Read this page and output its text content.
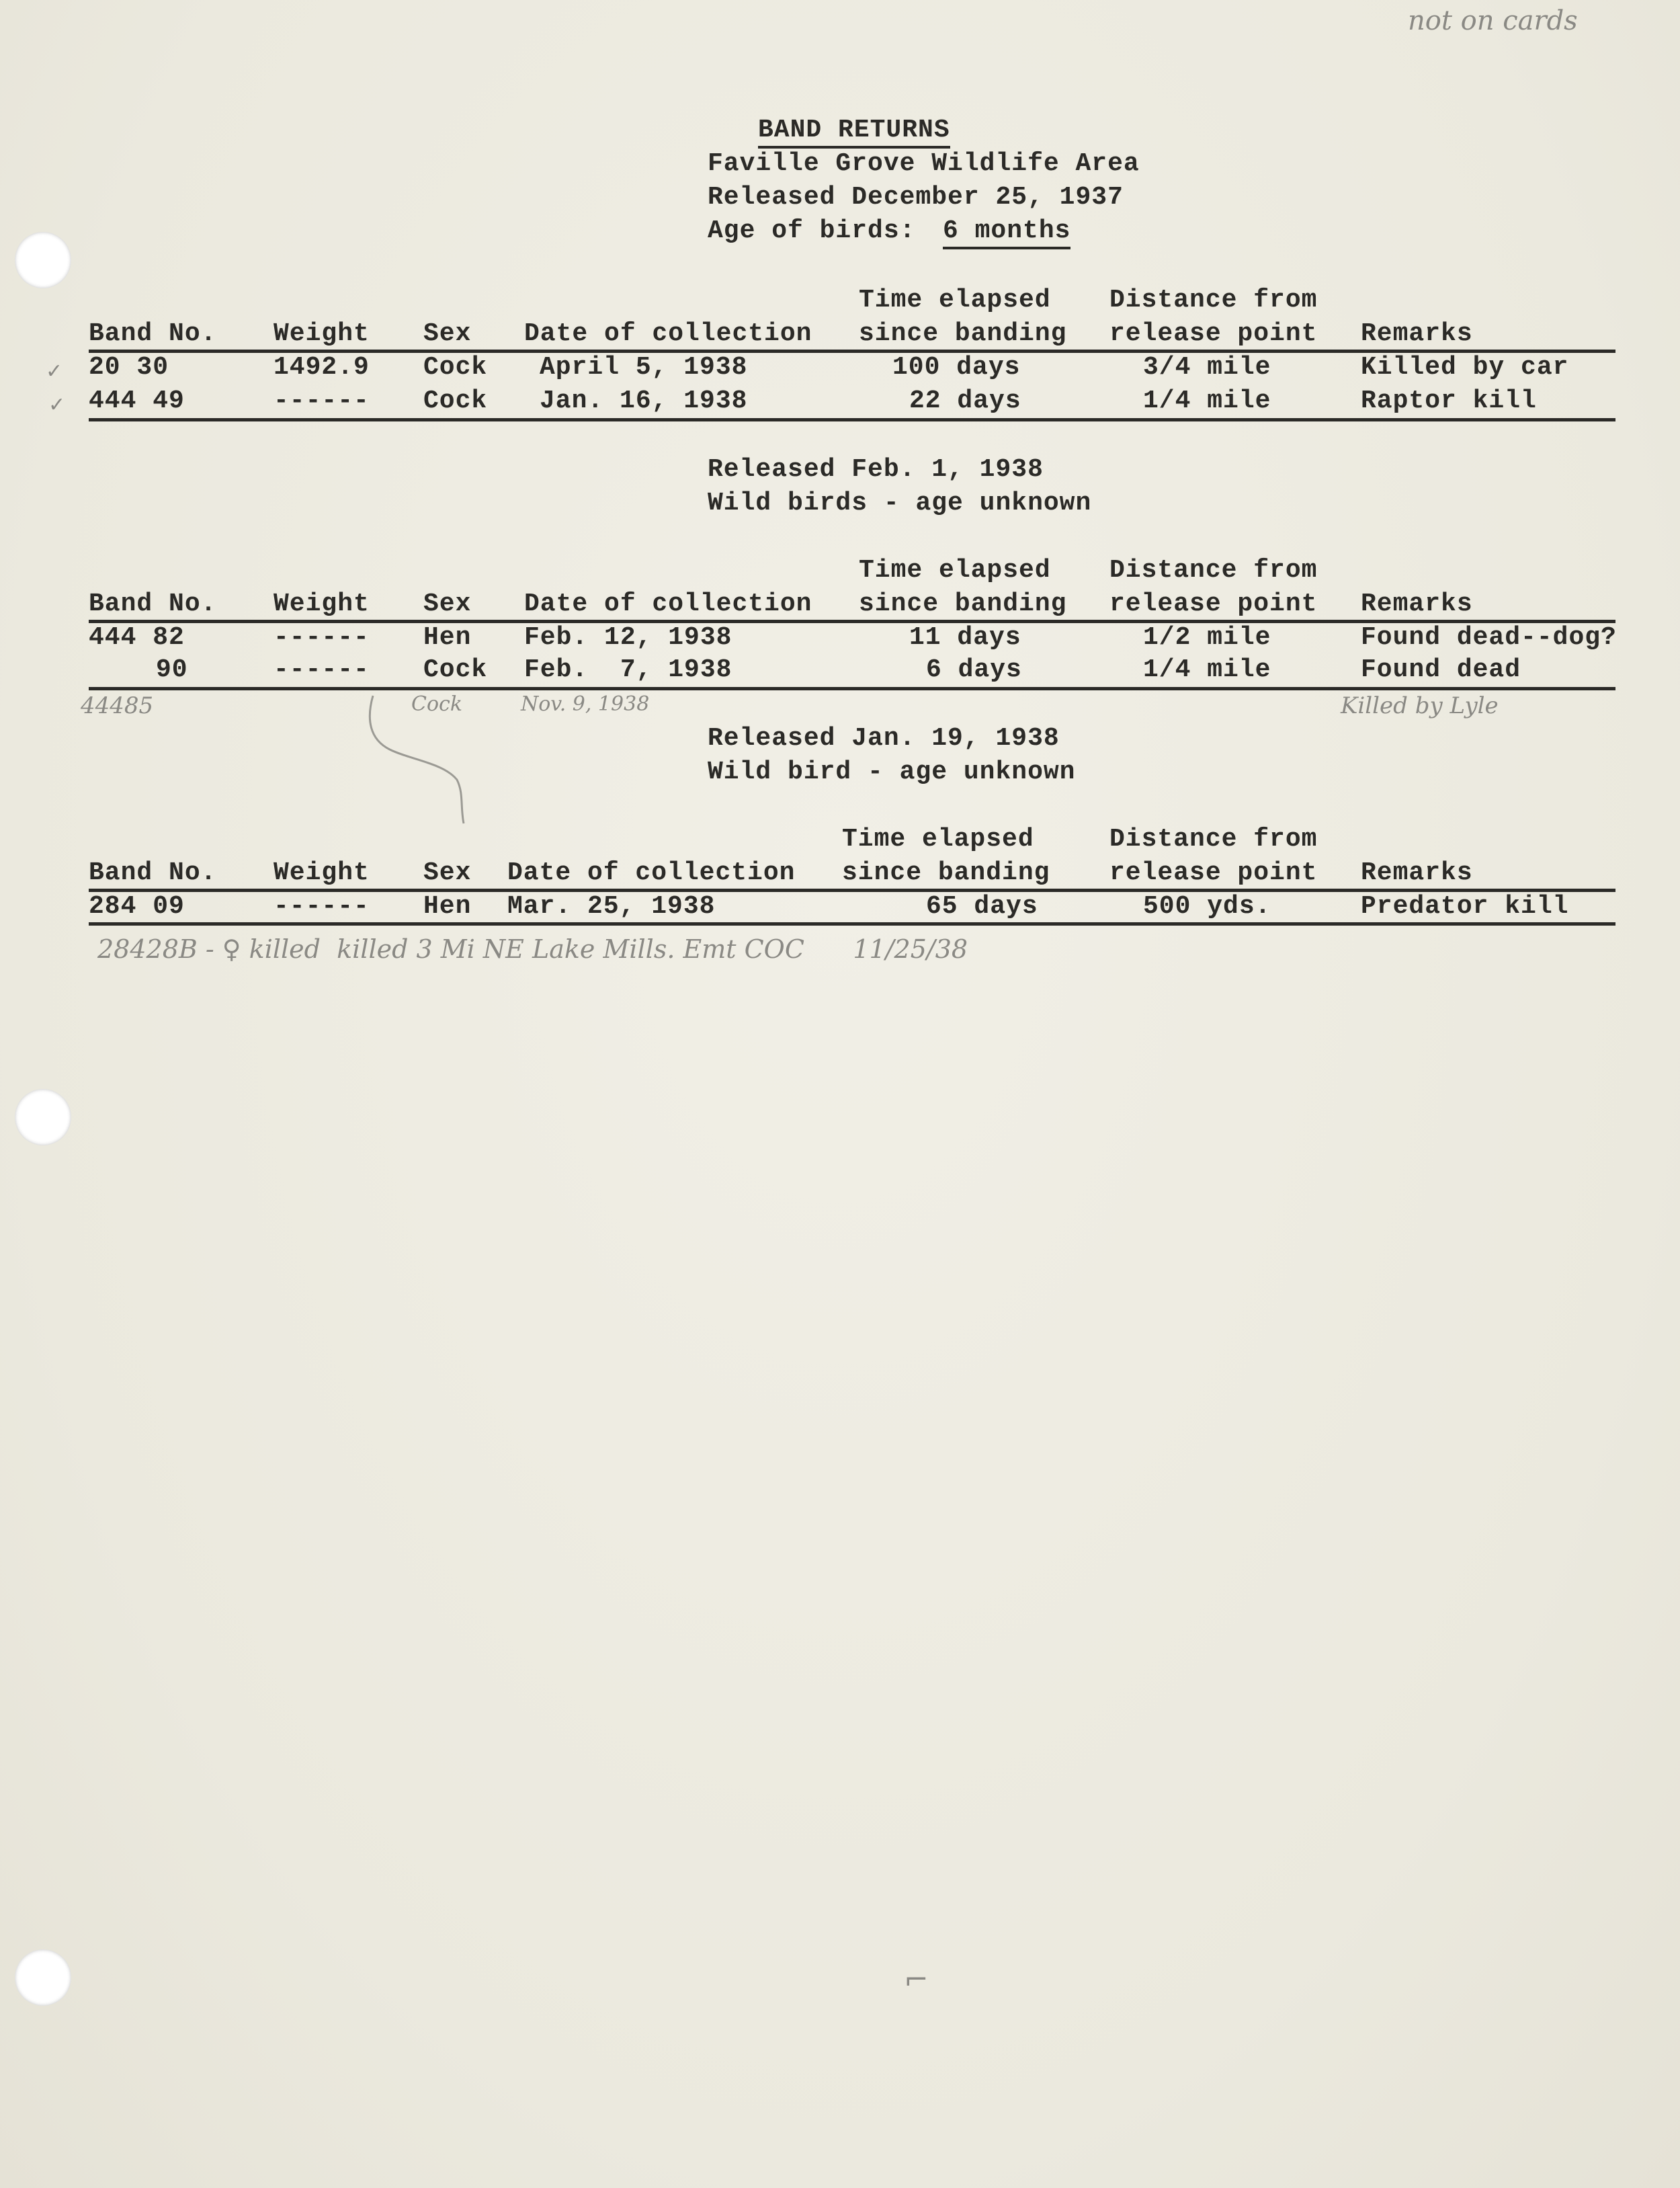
not on cards
BAND RETURNS
Faville Grove Wildlife Area
Released December 25, 1937
Age of birds: 6 months
Time elapsed Distance from
Band No. Weight Sex Date of collection since banding release point Remarks
✓ 20 30	1492.9 Cock April 5, 1938	100 days	3/4 mile	Killed by car
✓ 444 49	------ Cock Jan. 16, 1938	22 days	1/4 mile	Raptor kill
Released Feb. 1, 1938
Wild birds - age unknown
Time elapsed Distance from
Band No. Weight Sex Date of collection since banding release point Remarks
444 82	------ Hen Feb. 12, 1938	11 days	1/2 mile	Found dead--dog?
90	------ Cock Feb.  7, 1938	6 days	1/4 mile	Found dead
44485	Cock	Nov. 9, 1938	Killed by Lyle
Released Jan. 19, 1938
Wild bird - age unknown
Time elapsed	Distance from
Band No. Weight Sex Date of collection since banding release point Remarks
284 09	------ Hen Mar. 25, 1938	65 days	500 yds.	Predator kill
28428B - ♀ killed  killed 3 Mi NE Lake Mills. Emt COC      11/25/38
⌐
